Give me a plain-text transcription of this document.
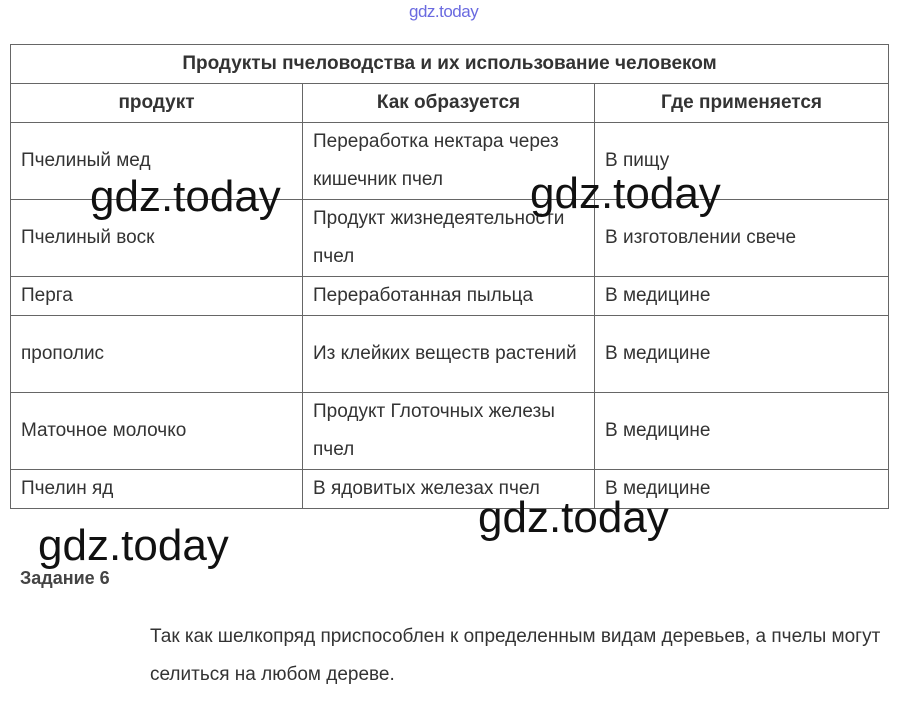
gdz.today
Продукты пчеловодства и их использование человеком		
продукт	Как образуется	Где применяется
Пчелиный мед	Переработка нектара через кишечник пчел	В пищу
Пчелиный воск	Продукт жизнедеятельности пчел	В изготовлении свече
Перга	Переработанная пыльца	В медицине
прополис	Из клейких веществ растений	В медицине
Маточное молочко	Продукт Глоточных железы пчел	В медицине
Пчелин яд	В ядовитых железах пчел	В медицине
gdz.today	gdz.today
gdz.today
gdz.today
Задание 6
Так как шелкопряд приспособлен к определенным видам деревьев, а пчелы могут селиться на любом дереве.
